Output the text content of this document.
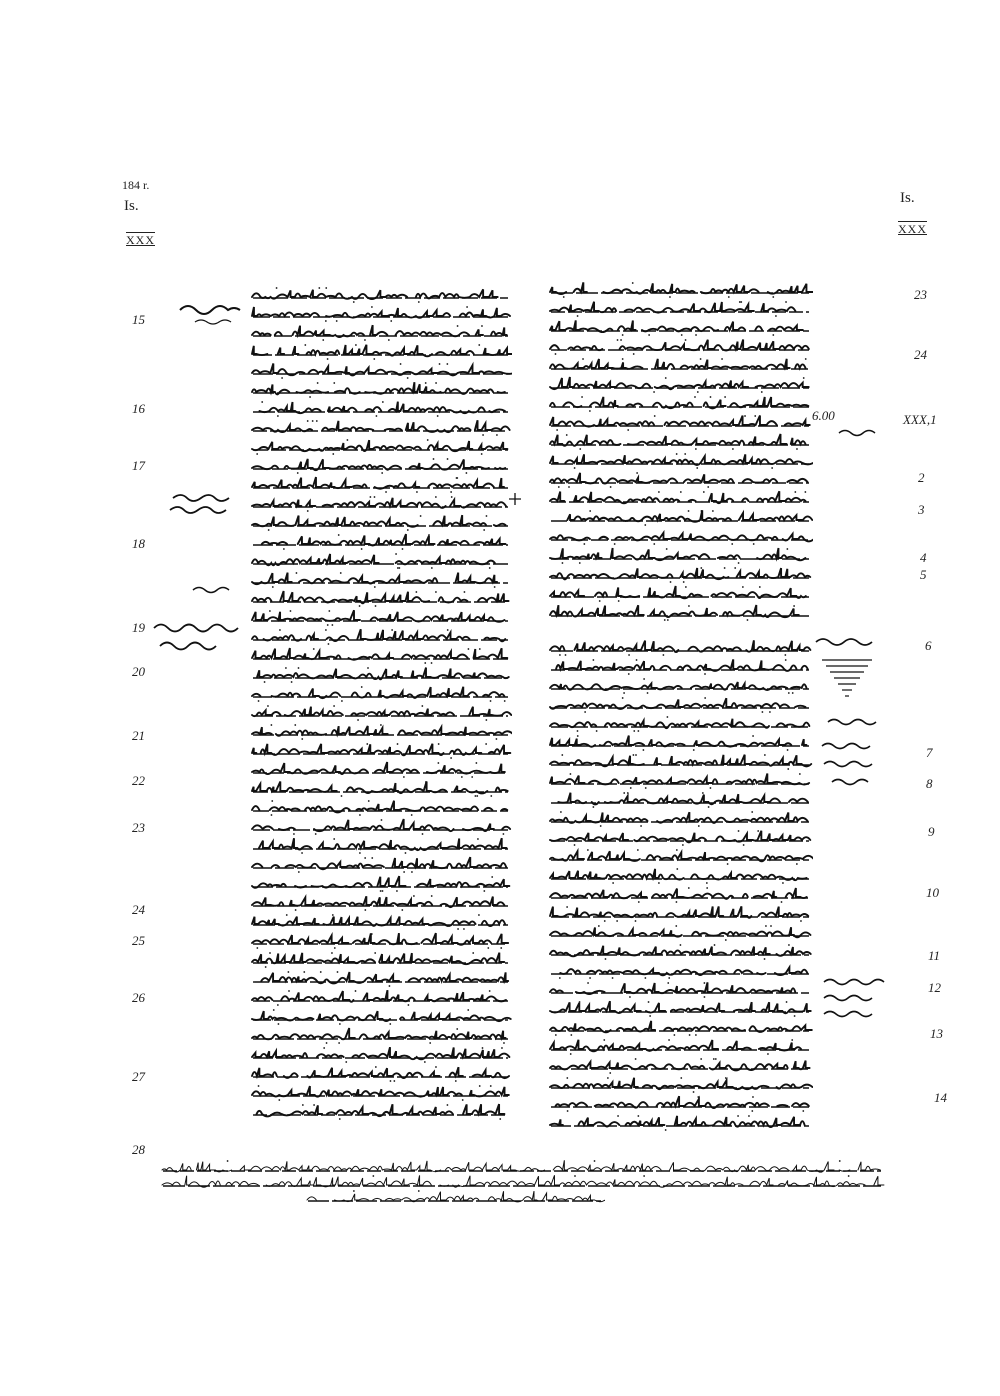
184 r.
Is.
XXX
Is.
XXX
15
16
17
18
19
20
21
22
23
24
25
26
27
28
23
24
XXX,1
2
3
4
5
6
7
8
9
10
11
12
13
14
6.00
